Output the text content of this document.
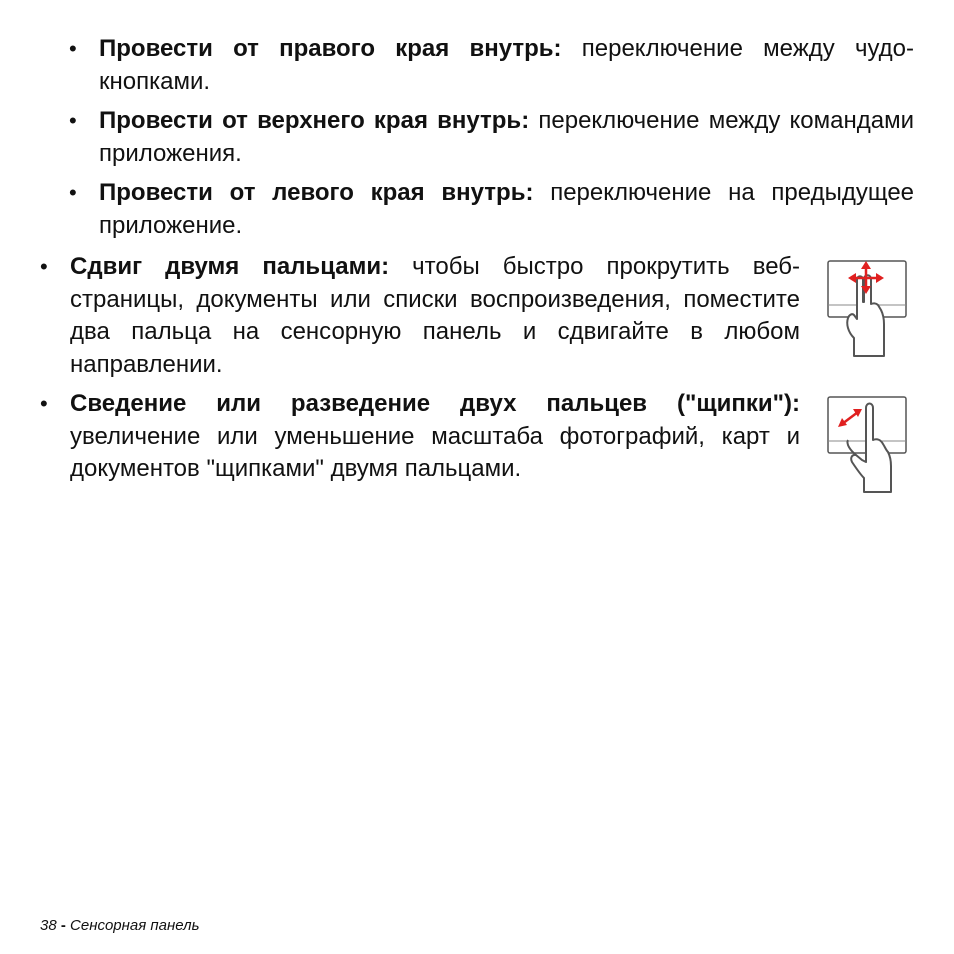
• Провести от правого края внутрь: переключение между чудо-кнопками.

• Провести от верхнего края внутрь: переключение между командами приложения.

• Провести от левого края внутрь: переключение на предыдущее приложение.

• Сдвиг двумя пальцами: чтобы быстро прокрутить веб-страницы, документы или списки воспроизведения, поместите два пальца на сенсорную панель и сдвигайте в любом направлении.

• Сведение или разведение двух пальцев ("щипки"): увеличение или уменьшение масштаба фотографий, карт и документов "щипками" двумя пальцами.

38 - Сенсорная панель
